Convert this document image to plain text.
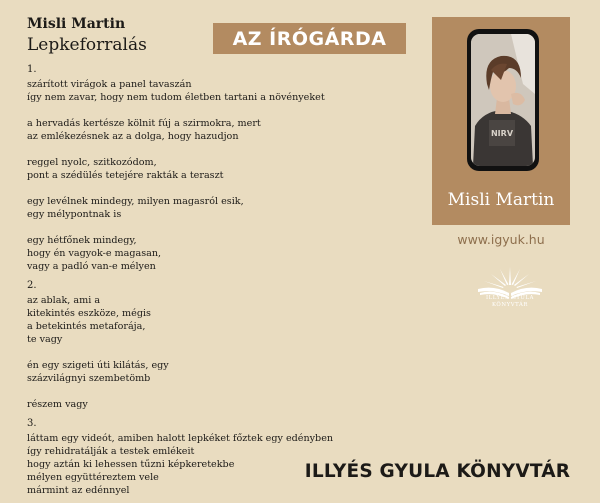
Misli Martin
Lepkeforralás
1.
szárított virágok a panel tavaszán
így nem zavar, hogy nem tudom életben tartani a növényeket
a hervadás kertésze kölnit fúj a szirmokra, mert
az emlékezésnek az a dolga, hogy hazudjon
reggel nyolc, szitkozódom,
pont a szédülés tetejére rakták a teraszt
egy levélnek mindegy, milyen magasról esik,
egy mélypontnak is
egy hétfőnek mindegy,
hogy én vagyok-e magasan,
vagy a padló van-e mélyen
2.
az ablak, ami a
kitekintés eszköze, mégis
a betekintés metaforája,
te vagy
én egy szigeti úti kilátás, egy
százvilágnyi szembetömb
részem vagy
3.
láttam egy videót, amiben halott lepkéket főztek egy edényben
így rehidratálják a testek emlékeit
hogy aztán ki lehessen tűzni képkeretekbe
mélyen együttéreztem vele
mármint az edénnyel
AZ ÍRÓGÁRDA
NIRV
Misli Martin
www.igyuk.hu
ILLYÉS GYULA
KÖNYVTÁR
ILLYÉS GYULA KÖNYVTÁR
